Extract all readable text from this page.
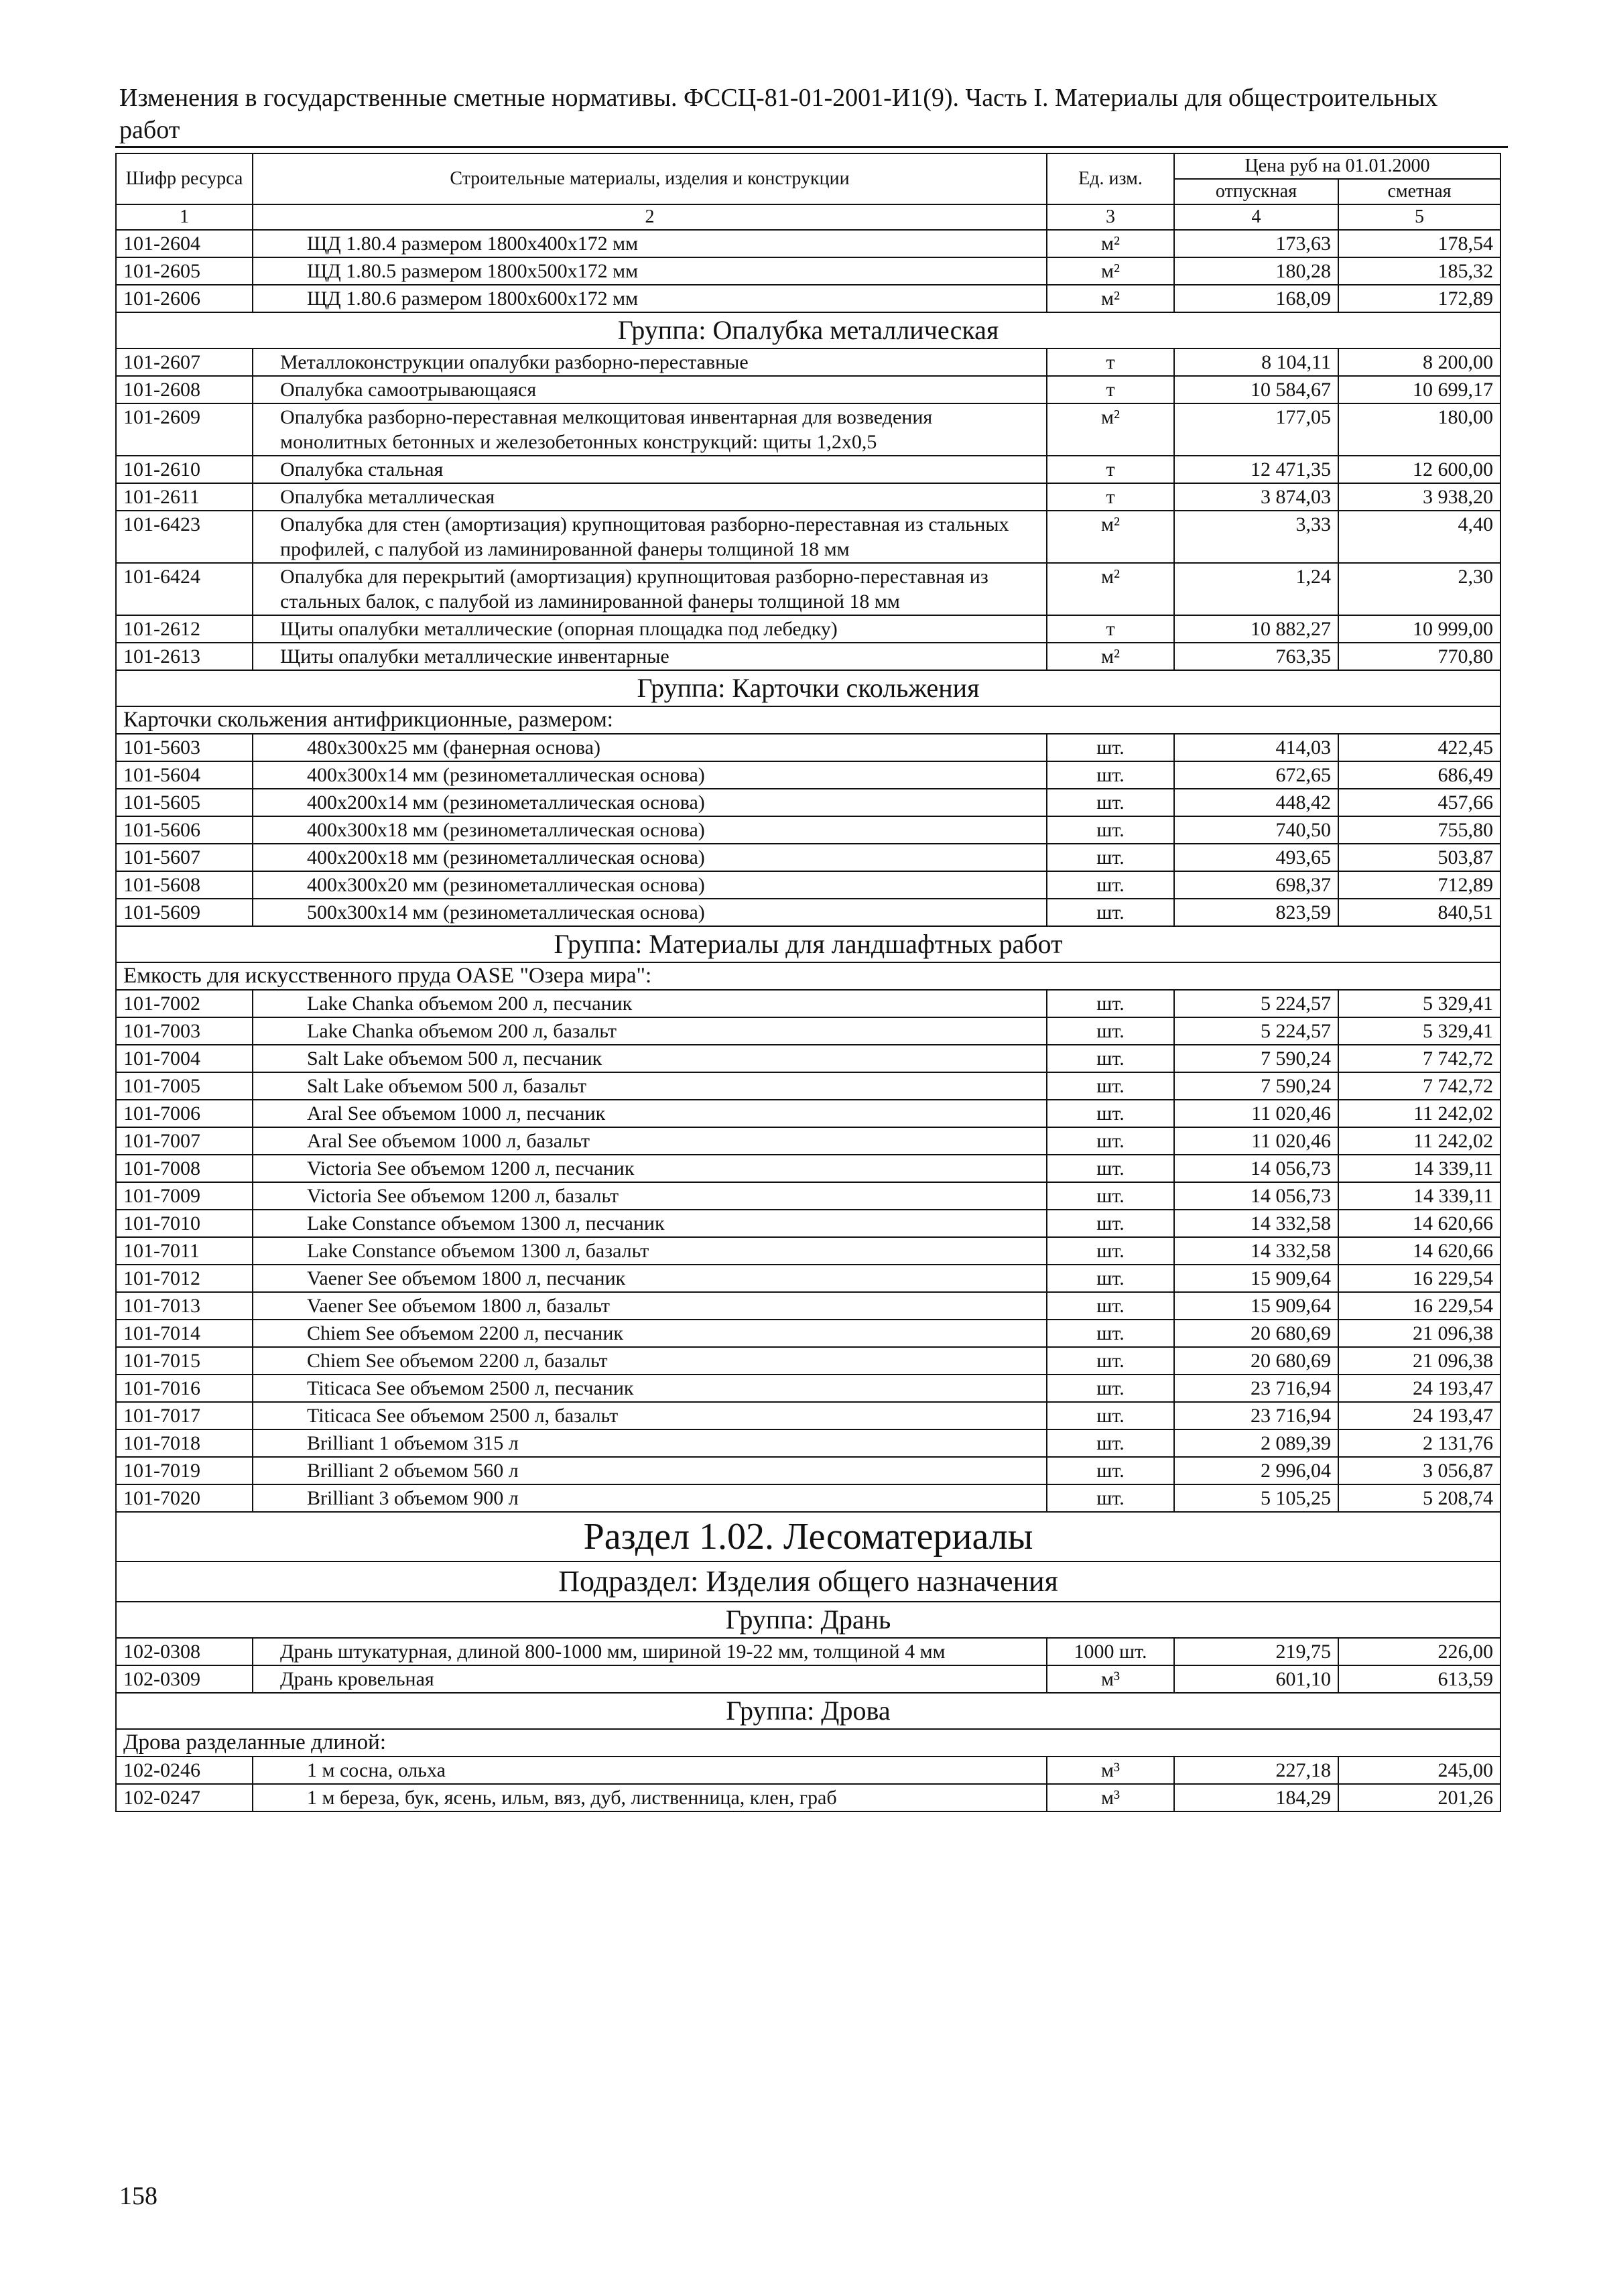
Изменения в государственные сметные нормативы. ФССЦ-81-01-2001-И1(9). Часть I. Материалы для общестроительных работ
Шифр ресурса	Строительные материалы, изделия и конструкции	Ед. изм.	Цена руб на 01.01.2000	
			отпускная	сметная
1	2	3	4	5
101-2604	ЩД 1.80.4 размером 1800х400х172 мм	м²	173,63	178,54
101-2605	ЩД 1.80.5 размером 1800х500х172 мм	м²	180,28	185,32
101-2606	ЩД 1.80.6 размером 1800х600х172 мм	м²	168,09	172,89
Группа: Опалубка металлическая				
101-2607	Металлоконструкции опалубки разборно-переставные	т	8 104,11	8 200,00
101-2608	Опалубка самоотрывающаяся	т	10 584,67	10 699,17
101-2609	Опалубка разборно-переставная мелкощитовая инвентарная для возведения монолитных бетонных и железобетонных конструкций: щиты 1,2х0,5	м²	177,05	180,00
101-2610	Опалубка стальная	т	12 471,35	12 600,00
101-2611	Опалубка металлическая	т	3 874,03	3 938,20
101-6423	Опалубка для стен (амортизация) крупнощитовая разборно-переставная из стальных профилей, с палубой из ламинированной фанеры толщиной 18 мм	м²	3,33	4,40
101-6424	Опалубка для перекрытий (амортизация) крупнощитовая разборно-переставная из стальных балок, с палубой из ламинированной фанеры толщиной 18 мм	м²	1,24	2,30
101-2612	Щиты опалубки металлические (опорная площадка под лебедку)	т	10 882,27	10 999,00
101-2613	Щиты опалубки металлические инвентарные	м²	763,35	770,80
Группа: Карточки скольжения				
Карточки скольжения антифрикционные, размером:				
101-5603	480х300х25 мм (фанерная основа)	шт.	414,03	422,45
101-5604	400х300х14 мм (резинометаллическая основа)	шт.	672,65	686,49
101-5605	400х200х14 мм (резинометаллическая основа)	шт.	448,42	457,66
101-5606	400х300х18 мм (резинометаллическая основа)	шт.	740,50	755,80
101-5607	400х200х18 мм (резинометаллическая основа)	шт.	493,65	503,87
101-5608	400х300х20 мм (резинометаллическая основа)	шт.	698,37	712,89
101-5609	500х300х14 мм (резинометаллическая основа)	шт.	823,59	840,51
Группа: Материалы для ландшафтных работ				
Емкость для искусственного пруда OASE "Озера мира":				
101-7002	Lake Chanka объемом 200 л, песчаник	шт.	5 224,57	5 329,41
101-7003	Lake Chanka объемом 200 л, базальт	шт.	5 224,57	5 329,41
101-7004	Salt Lake объемом 500 л, песчаник	шт.	7 590,24	7 742,72
101-7005	Salt Lake объемом 500 л, базальт	шт.	7 590,24	7 742,72
101-7006	Aral See объемом 1000 л, песчаник	шт.	11 020,46	11 242,02
101-7007	Aral See объемом 1000 л, базальт	шт.	11 020,46	11 242,02
101-7008	Victoria See объемом 1200 л, песчаник	шт.	14 056,73	14 339,11
101-7009	Victoria See объемом 1200 л, базальт	шт.	14 056,73	14 339,11
101-7010	Lake Constance объемом 1300 л, песчаник	шт.	14 332,58	14 620,66
101-7011	Lake Constance объемом 1300 л, базальт	шт.	14 332,58	14 620,66
101-7012	Vaener See объемом 1800 л, песчаник	шт.	15 909,64	16 229,54
101-7013	Vaener See объемом 1800 л, базальт	шт.	15 909,64	16 229,54
101-7014	Chiem See объемом 2200 л, песчаник	шт.	20 680,69	21 096,38
101-7015	Chiem See объемом 2200 л, базальт	шт.	20 680,69	21 096,38
101-7016	Titicaca See объемом 2500 л, песчаник	шт.	23 716,94	24 193,47
101-7017	Titicaca See объемом 2500 л, базальт	шт.	23 716,94	24 193,47
101-7018	Brilliant 1 объемом 315 л	шт.	2 089,39	2 131,76
101-7019	Brilliant 2 объемом 560 л	шт.	2 996,04	3 056,87
101-7020	Brilliant 3 объемом 900 л	шт.	5 105,25	5 208,74
Раздел 1.02. Лесоматериалы				
Подраздел: Изделия общего назначения				
Группа: Дрань				
102-0308	Дрань штукатурная, длиной 800-1000 мм, шириной 19-22 мм, толщиной 4 мм	1000 шт.	219,75	226,00
102-0309	Дрань кровельная	м³	601,10	613,59
Группа: Дрова				
Дрова разделанные длиной:				
102-0246	1 м сосна, ольха	м³	227,18	245,00
102-0247	1 м береза, бук, ясень, ильм, вяз, дуб, лиственница, клен, граб	м³	184,29	201,26
158
